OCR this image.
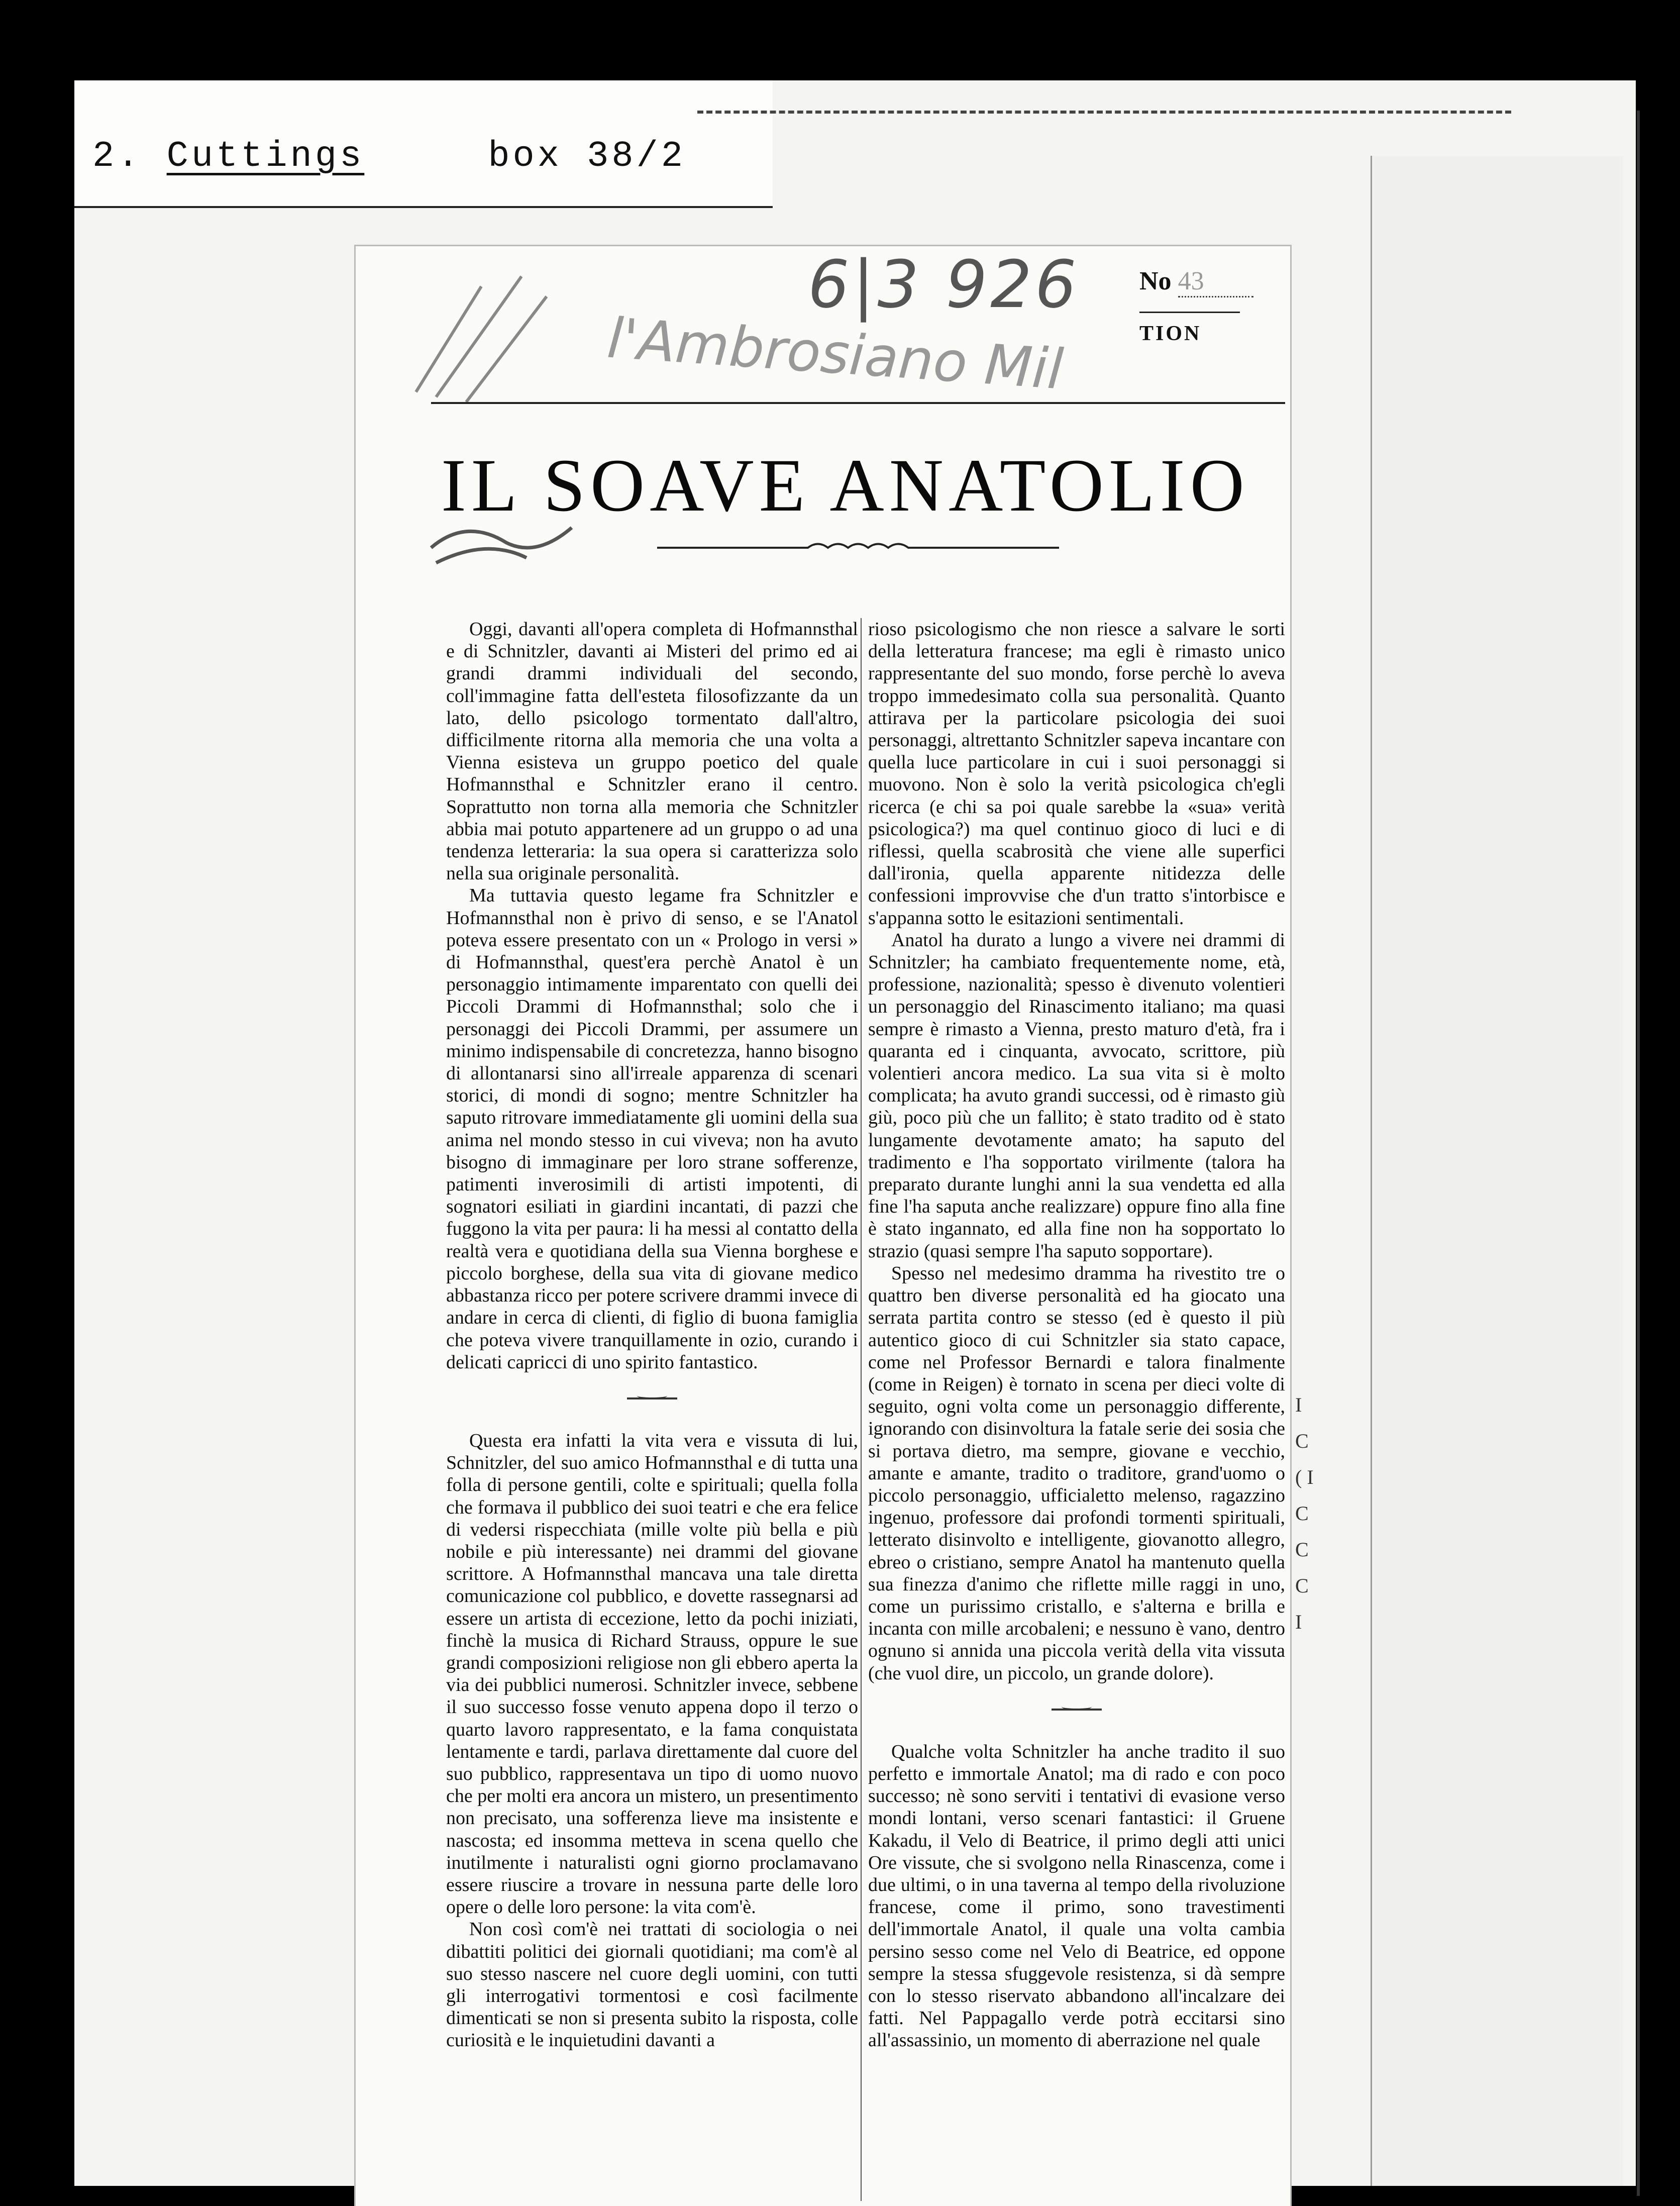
2. Cuttings	box 38/2
6|3 926
l'Ambrosiano Mil
No 43
TION
IL SOAVE ANATOLIO

Oggi, davanti all'opera completa di Hofmannsthal e di Schnitzler, davanti ai Misteri del primo ed ai grandi drammi individuali del secondo, coll'immagine fatta dell'esteta filosofizzante da un lato, dello psicologo tormentato dall'altro, difficilmente ritorna alla memoria che una volta a Vienna esisteva un gruppo poetico del quale Hofmannsthal e Schnitzler erano il centro. Soprattutto non torna alla memoria che Schnitzler abbia mai potuto appartenere ad un gruppo o ad una tendenza letteraria: la sua opera si caratterizza solo nella sua originale personalità.

Ma tuttavia questo legame fra Schnitzler e Hofmannsthal non è privo di senso, e se l'Anatol poteva essere presentato con un « Prologo in versi » di Hofmannsthal, quest'era perchè Anatol è un personaggio intimamente imparentato con quelli dei Piccoli Drammi di Hofmannsthal; solo che i personaggi dei Piccoli Drammi, per assumere un minimo indispensabile di concretezza, hanno bisogno di allontanarsi sino all'irreale apparenza di scenari storici, di mondi di sogno; mentre Schnitzler ha saputo ritrovare immediatamente gli uomini della sua anima nel mondo stesso in cui viveva; non ha avuto bisogno di immaginare per loro strane sofferenze, patimenti inverosimili di artisti impotenti, di sognatori esiliati in giardini incantati, di pazzi che fuggono la vita per paura: li ha messi al contatto della realtà vera e quotidiana della sua Vienna borghese e piccolo borghese, della sua vita di giovane medico abbastanza ricco per potere scrivere drammi invece di andare in cerca di clienti, di figlio di buona famiglia che poteva vivere tranquillamente in ozio, curando i delicati capricci di uno spirito fantastico.

Questa era infatti la vita vera e vissuta di lui, Schnitzler, del suo amico Hofmannsthal e di tutta una folla di persone gentili, colte e spirituali; quella folla che formava il pubblico dei suoi teatri e che era felice di vedersi rispecchiata (mille volte più bella e più nobile e più interessante) nei drammi del giovane scrittore. A Hofmannsthal mancava una tale diretta comunicazione col pubblico, e dovette rassegnarsi ad essere un artista di eccezione, letto da pochi iniziati, finchè la musica di Richard Strauss, oppure le sue grandi composizioni religiose non gli ebbero aperta la via dei pubblici numerosi. Schnitzler invece, sebbene il suo successo fosse venuto appena dopo il terzo o quarto lavoro rappresentato, e la fama conquistata lentamente e tardi, parlava direttamente dal cuore del suo pubblico, rappresentava un tipo di uomo nuovo che per molti era ancora un mistero, un presentimento non precisato, una sofferenza lieve ma insistente e nascosta; ed insomma metteva in scena quello che inutilmente i naturalisti ogni giorno proclamavano essere riuscire a trovare in nessuna parte delle loro opere o delle loro persone: la vita com'è.

Non così com'è nei trattati di sociologia o nei dibattiti politici dei giornali quotidiani; ma com'è al suo stesso nascere nel cuore degli uomini, con tutti gli interrogativi tormentosi e così facilmente dimenticati se non si presenta subito la risposta, colle curiosità e le inquietudini davanti a

rioso psicologismo che non riesce a salvare le sorti della letteratura francese; ma egli è rimasto unico rappresentante del suo mondo, forse perchè lo aveva troppo immedesimato colla sua personalità. Quanto attirava per la particolare psicologia dei suoi personaggi, altrettanto Schnitzler sapeva incantare con quella luce particolare in cui i suoi personaggi si muovono. Non è solo la verità psicologica ch'egli ricerca (e chi sa poi quale sarebbe la «sua» verità psicologica?) ma quel continuo gioco di luci e di riflessi, quella scabrosità che viene alle superfici dall'ironia, quella apparente nitidezza delle confessioni improvvise che d'un tratto s'intorbisce e s'appanna sotto le esitazioni sentimentali.

Anatol ha durato a lungo a vivere nei drammi di Schnitzler; ha cambiato frequentemente nome, età, professione, nazionalità; spesso è divenuto volentieri un personaggio del Rinascimento italiano; ma quasi sempre è rimasto a Vienna, presto maturo d'età, fra i quaranta ed i cinquanta, avvocato, scrittore, più volentieri ancora medico. La sua vita si è molto complicata; ha avuto grandi successi, od è rimasto giù giù, poco più che un fallito; è stato tradito od è stato lungamente devotamente amato; ha saputo del tradimento e l'ha sopportato virilmente (talora ha preparato durante lunghi anni la sua vendetta ed alla fine l'ha saputa anche realizzare) oppure fino alla fine è stato ingannato, ed alla fine non ha sopportato lo strazio (quasi sempre l'ha saputo sopportare).

Spesso nel medesimo dramma ha rivestito tre o quattro ben diverse personalità ed ha giocato una serrata partita contro se stesso (ed è questo il più autentico gioco di cui Schnitzler sia stato capace, come nel Professor Bernardi e talora finalmente (come in Reigen) è tornato in scena per dieci volte di seguito, ogni volta come un personaggio differente, ignorando con disinvoltura la fatale serie dei sosia che si portava dietro, ma sempre, giovane e vecchio, amante e amante, tradito o traditore, grand'uomo o piccolo personaggio, ufficialetto melenso, ragazzino ingenuo, professore dai profondi tormenti spirituali, letterato disinvolto e intelligente, giovanotto allegro, ebreo o cristiano, sempre Anatol ha mantenuto quella sua finezza d'animo che riflette mille raggi in uno, come un purissimo cristallo, e s'alterna e brilla e incanta con mille arcobaleni; e nessuno è vano, dentro ognuno si annida una piccola verità della vita vissuta (che vuol dire, un piccolo, un grande dolore).

Qualche volta Schnitzler ha anche tradito il suo perfetto e immortale Anatol; ma di rado e con poco successo; nè sono serviti i tentativi di evasione verso mondi lontani, verso scenari fantastici: il Gruene Kakadu, il Velo di Beatrice, il primo degli atti unici Ore vissute, che si svolgono nella Rinascenza, come i due ultimi, o in una taverna al tempo della rivoluzione francese, come il primo, sono travestimenti dell'immortale Anatol, il quale una volta cambia persino sesso come nel Velo di Beatrice, ed oppone sempre la stessa sfuggevole resistenza, si dà sempre con lo stesso riservato abbandono all'incalzare dei fatti. Nel Pappagallo verde potrà eccitarsi sino all'assassinio, un momento di aberrazione nel quale

I C ( I C C C I
